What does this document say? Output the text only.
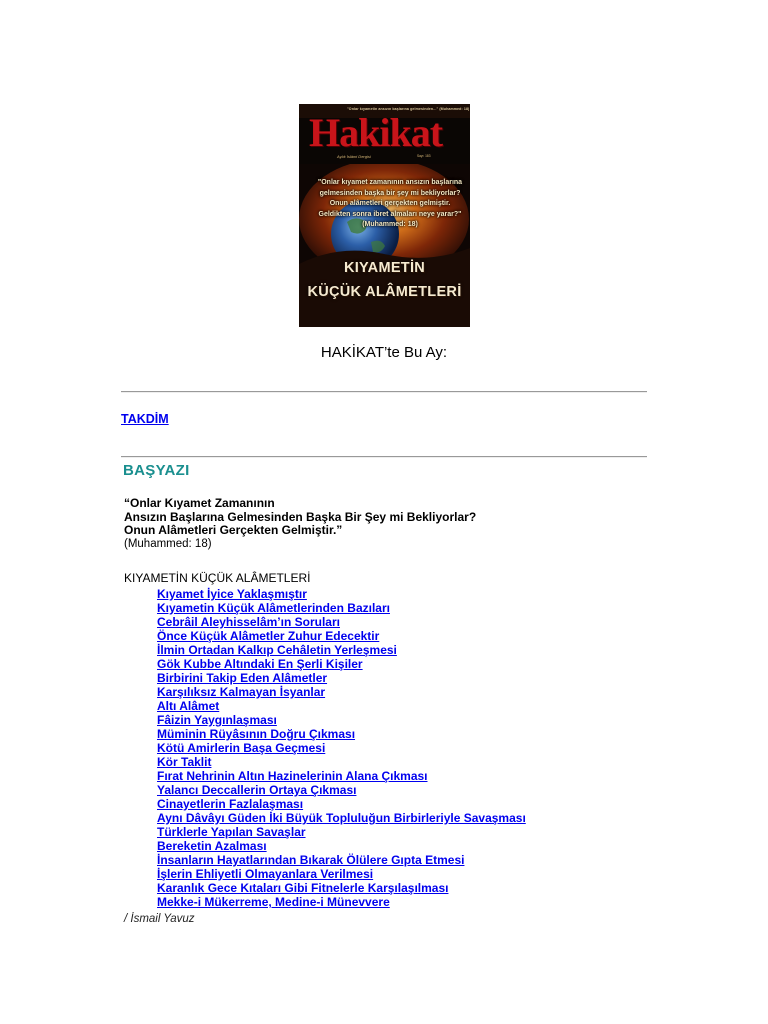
"Onlar kıyametin ansızın başlarına gelmesinden..." (Muhammed: 18)
Hakikat
Aylık İslâmi Dergisi	Sayı: 183
"Onlar kıyamet zamanının ansızın başlarına gelmesinden başka bir şey mi bekliyorlar? Onun alâmetleri gerçekten gelmiştir. Geldikten sonra ibret almaları neye yarar?" (Muhammed: 18)
KIYAMETİN
KÜÇÜK ALÂMETLERİ
HAKİKAT’te Bu Ay:
TAKDİM
BAŞYAZI
“Onlar Kıyamet Zamanının
Ansızın Başlarına Gelmesinden Başka Bir Şey mi Bekliyorlar?
Onun Alâmetleri Gerçekten Gelmiştir.”
(Muhammed: 18)
KIYAMETİN KÜÇÜK ALÂMETLERİ
Kıyamet İyice Yaklaşmıştır
Kıyametin Küçük Alâmetlerinden Bazıları
Cebrâil Aleyhisselâm’ın Soruları
Önce Küçük Alâmetler Zuhur Edecektir
İlmin Ortadan Kalkıp Cehâletin Yerleşmesi
Gök Kubbe Altındaki En Şerli Kişiler
Birbirini Takip Eden Alâmetler
Karşılıksız Kalmayan İsyanlar
Altı Alâmet
Fâizin Yaygınlaşması
Müminin Rüyâsının Doğru Çıkması
Kötü Amirlerin Başa Geçmesi
Kör Taklit
Fırat Nehrinin Altın Hazinelerinin Alana Çıkması
Yalancı Deccallerin Ortaya Çıkması
Cinayetlerin Fazlalaşması
Aynı Dâvâyı Güden İki Büyük Topluluğun Birbirleriyle Savaşması
Türklerle Yapılan Savaşlar
Bereketin Azalması
İnsanların Hayatlarından Bıkarak Ölülere Gıpta Etmesi
İşlerin Ehliyetli Olmayanlara Verilmesi
Karanlık Gece Kıtaları Gibi Fitnelerle Karşılaşılması
Mekke-i Mükerreme, Medine-i Münevvere
/ İsmail Yavuz
